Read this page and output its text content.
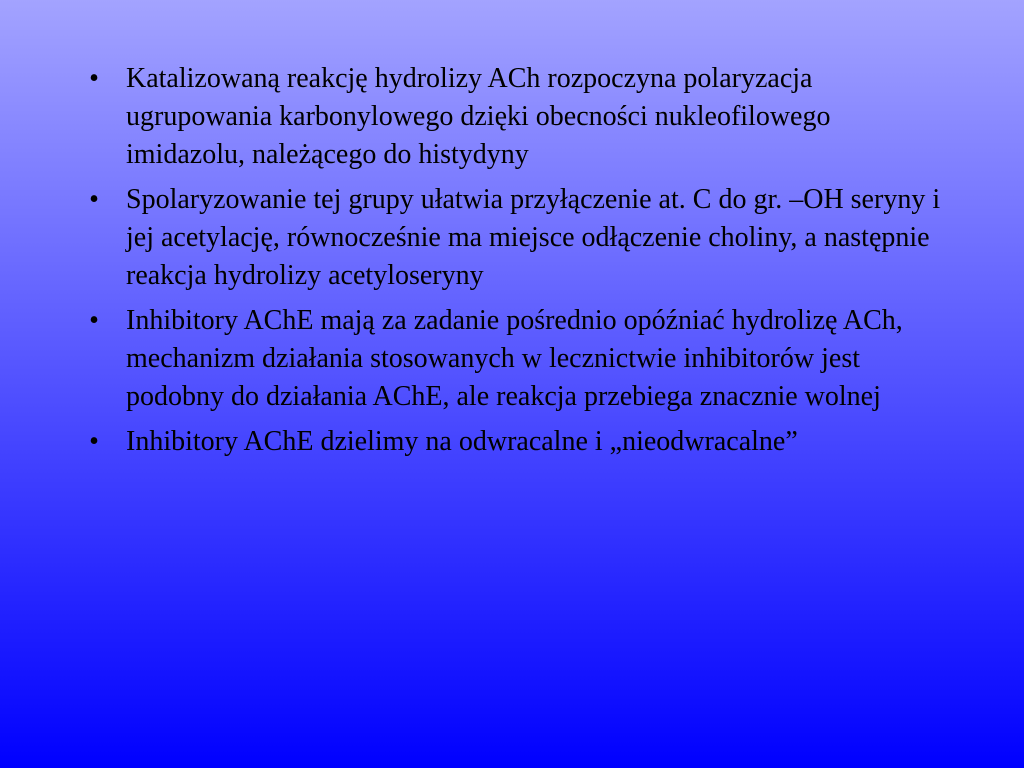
• Katalizowaną reakcję hydrolizy ACh rozpoczyna polaryzacja ugrupowania karbonylowego dzięki obecności nukleofilowego imidazolu, należącego do histydyny
• Spolaryzowanie tej grupy ułatwia przyłączenie at. C do gr. –OH seryny i jej acetylację, równocześnie ma miejsce odłączenie choliny, a następnie reakcja hydrolizy acetyloseryny
• Inhibitory AChE mają za zadanie pośrednio opóźniać hydrolizę ACh, mechanizm działania stosowanych w lecznictwie inhibitorów jest podobny do działania AChE, ale reakcja przebiega znacznie wolnej
• Inhibitory AChE dzielimy na odwracalne i „nieodwracalne”
